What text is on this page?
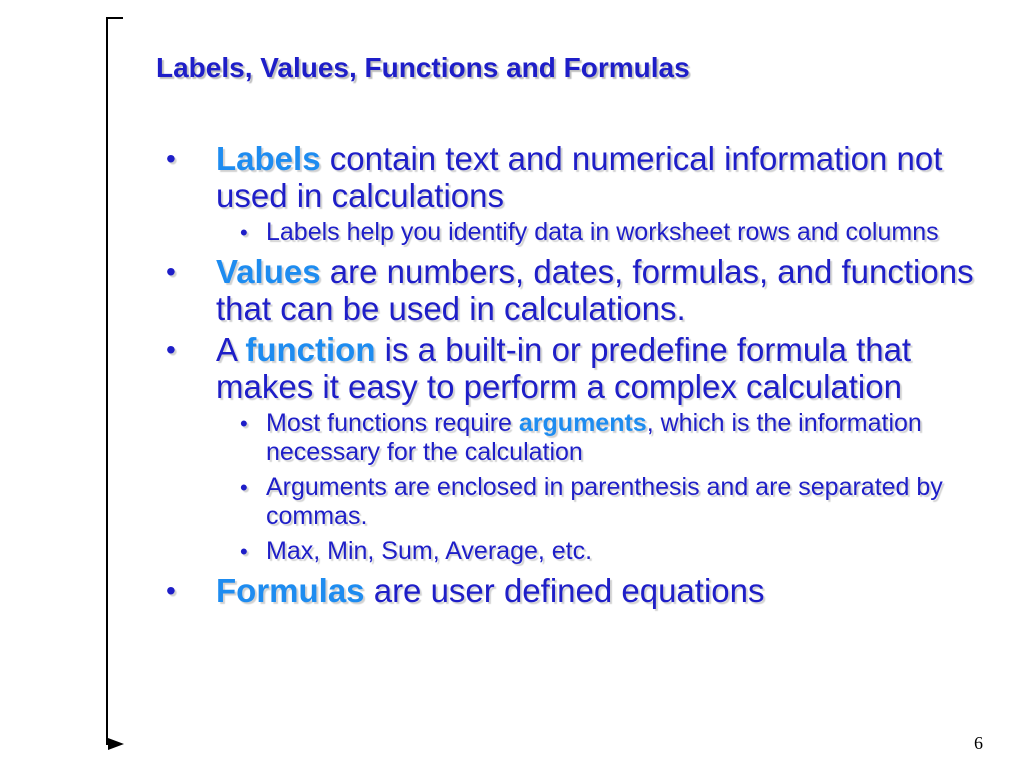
Labels, Values, Functions and Formulas
• Labels contain text and numerical information not used in calculations
• Labels help you identify data in worksheet rows and columns
• Values are numbers, dates, formulas, and functions that can be used in calculations.
• A function is a built-in or predefine formula that makes it easy to perform a complex calculation
• Most functions require arguments, which is the information necessary for the calculation
• Arguments are enclosed in parenthesis and are separated by commas.
• Max, Min, Sum, Average, etc.
• Formulas are user defined equations
6
